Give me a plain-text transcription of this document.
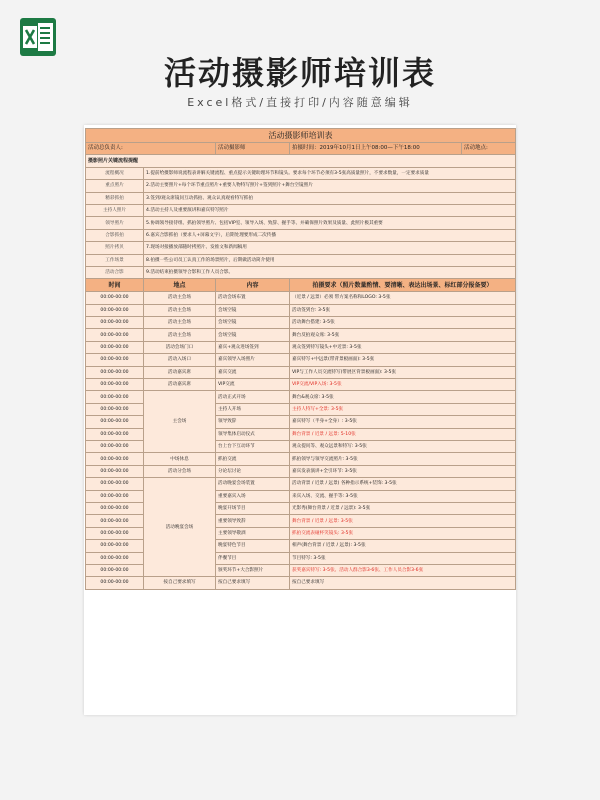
活动摄影师培训表
Excel格式/直接打印/内容随意编辑
活动摄影师培训表				
活动总负责人:		活动摄影师	拍摄时间：2019年10月1日上午08:00—下午18:00	活动地点:
摄影照片关键流程提醒				
流程概况	1.提前给摄影师说流程表讲解关键流程、重点提示关键助理环节和镜头。要求每个环节必须有3-5张高质量照片，不要求数量，一定要求质量			
重点照片	2.活动主要照片+每个环节重点照片+重要人物特写照片+签到照片+舞台空镜照片			
精彩抓拍	3.签到/观众席镜问互动抓拍、观众认真观看特写抓拍			
主持人照片	4.活动主持人及重要演讲和嘉宾特写照片			
领导照片	5.协调领导接待组、抓拍领导照片、包括VIP室、领导入场、致辞、握手等、并确保照片效果及质量、此照片极其重要			
合影抓拍	6.嘉宾合影抓拍（要求人+屏幕文字），后期处理要形成二次传播			
照片拷贝	7.现场对接播放部随时拷照片、发推文和新闻稿用			
工作场景	8.拍摄一些公司员工认真工作的场景照片，后期做活动简介使用			
活动合影	9.活动结束拍摄领导合影和工作人员合影。			
时间	地点	内容	拍摄要求（照片数量酌情、要清晰、表达出场景、标红部分报备要）	
00:00-00:00	活动主会场	活动会场布置	（近景 / 远景）必须 带方案名称和LOGO: 3-5张	
00:00-00:00	活动主会场	会场空镜	活动签到台: 3-5张	
00:00-00:00	活动主会场	会场空镜	活动舞台搭建: 3-5张	
00:00-00:00	活动主会场	会场空镜	舞台反拍观众席: 3-5张	
00:00-00:00	活动会场门口	嘉宾+观众进场签到	观众签到特写镜头+中近景: 3-5张	
00:00-00:00	活动入场口	嘉宾领导入场照片	嘉宾特写+中远景(带背景板画面): 3-5张	
00:00-00:00	活动嘉宾席	嘉宾交流	VIP与工作人员交流特写(带展区背景板画面): 3-5张	
00:00-00:00	活动嘉宾席	VIP交流	VIP交流/VIP入场: 3-5张	
00:00-00:00	主会场	活动正式开场	舞台&观众席: 3-5张	
00:00-00:00		主持人开场	主持人特写+全景: 3-5张	
00:00-00:00		领导致辞	嘉宾特写（半身+全身）: 3-5张	
00:00-00:00		领导集体启动仪式	舞台背景 / 近景 / 远景: 5-10张	
00:00-00:00		台上台下互动环节	观众提问等、观众远景和特写: 3-5张	
00:00-00:00	中场休息	抓拍交流	抓拍领导与领导交流照片: 3-5张	
00:00-00:00	活动分会场	分论坛讨论	嘉宾发表演讲+全引环节: 3-5张	
00:00-00:00	活动晚宴会场	活动晚宴会场装置	活动背景 / 近景 / 远景) 各种指示系统+装饰: 3-5张	
00:00-00:00		重要嘉宾入场	来宾入场、交流、握手等: 3-5张	
00:00-00:00		晚宴开场节目	光影秀(舞台背景 / 近景 / 远景): 3-5张	
00:00-00:00		重要领导致辞	舞台背景 / 近景 / 远景: 3-5张	
00:00-00:00		主要领导敬酒	抓拍交流表碰杯笑镜头: 3-5张	
00:00-00:00		晚宴特色节目	相声(舞台背景 / 近景 / 远景): 3-5张	
00:00-00:00		伴餐节目	节目特写: 3-5张	
00:00-00:00		颁奖环节+大合影照片	获奖嘉宾特写: 3-5张、活动人群合影3-6张、工作人员合影3-6张	
00:00-00:00	按自己要求填写	按自己要求填写	按自己要求填写	
